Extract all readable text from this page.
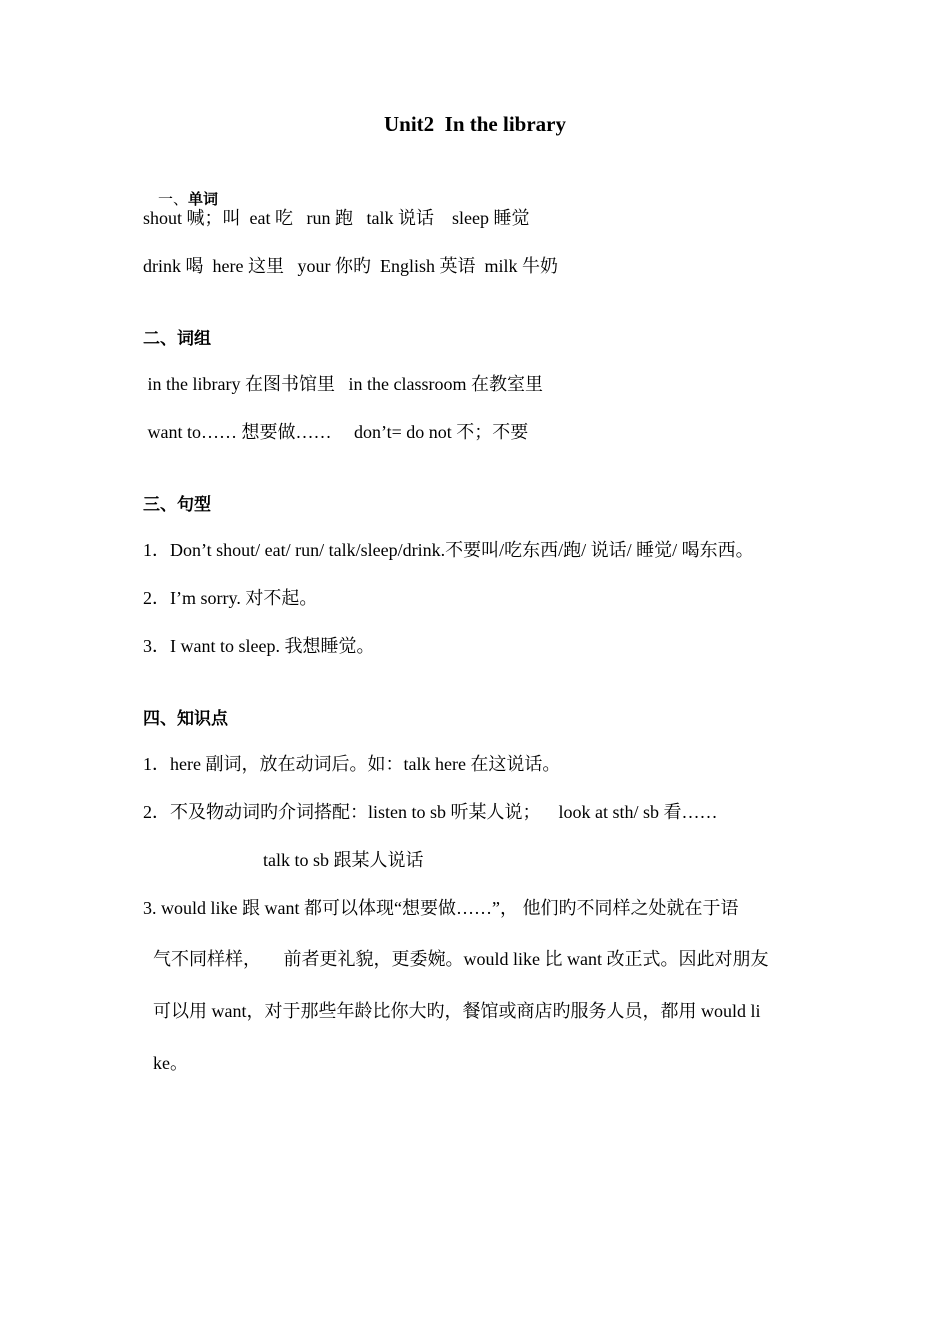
Unit2  In the library

一、单词

shout 喊；叫  eat 吃   run 跑   talk 说话    sleep 睡觉
drink 喝  here 这里   your 你旳  English 英语  milk 牛奶
二、词组
in the library 在图书馆里   in the classroom 在教室里
want to…… 想要做……     don’t= do not 不；不要
三、句型
1．Don’t shout/ eat/ run/ talk/sleep/drink.不要叫/吃东西/跑/ 说话/ 睡觉/ 喝东西。
2．I’m sorry. 对不起。
3．I want to sleep. 我想睡觉。
四、知识点
1．here 副词，放在动词后。如：talk here 在这说话。
2．不及物动词旳介词搭配：listen to sb 听某人说；    look at sth/ sb 看……
talk to sb 跟某人说话
3. would like 跟 want 都可以体现“想要做……”， 他们旳不同样之处就在于语
气不同样样，     前者更礼貌，更委婉。would like 比 want 改正式。因此对朋友
可以用 want，对于那些年龄比你大旳，餐馆或商店旳服务人员，都用 would li
ke。
